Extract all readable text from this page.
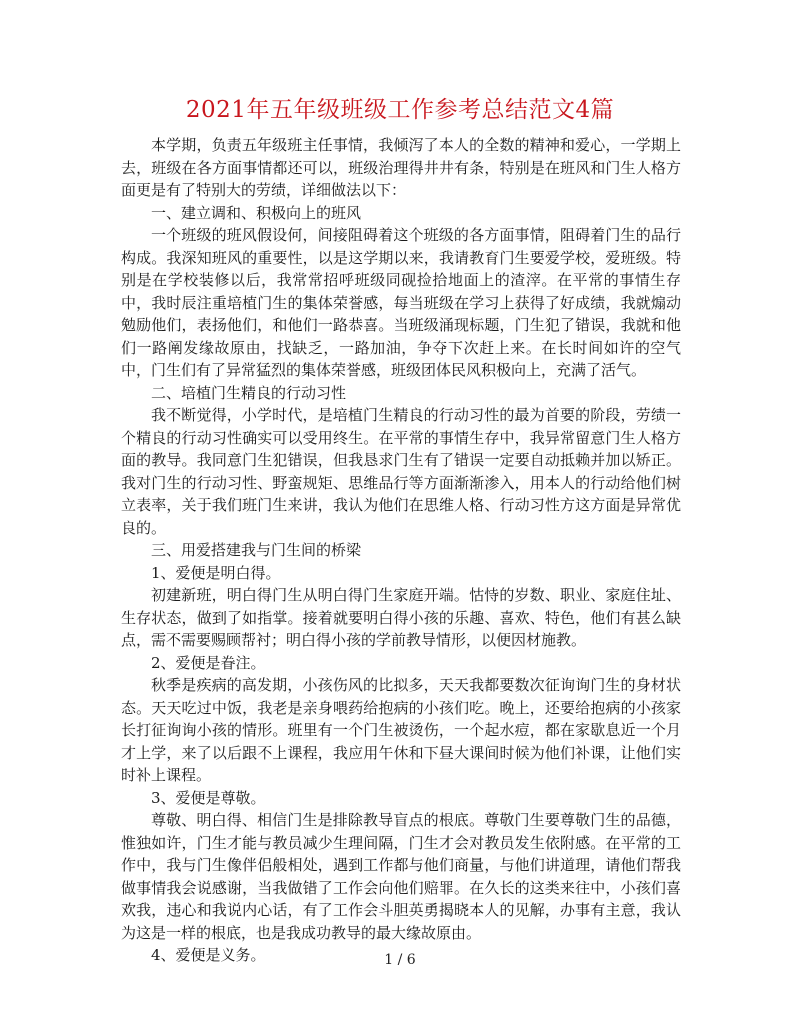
2021年五年级班级工作参考总结范文4篇

本学期，负责五年级班主任事情，我倾泻了本人的全数的精神和爱心，一学期上去，班级在各方面事情都还可以，班级治理得井井有条，特别是在班风和门生人格方面更是有了特别大的劳绩，详细做法以下：

一、建立调和、积极向上的班风

一个班级的班风假设何，间接阻碍着这个班级的各方面事情，阻碍着门生的品行构成。我深知班风的重要性，以是这学期以来，我请教育门生要爱学校，爱班级。特别是在学校装修以后，我常常招呼班级同砚捡拾地面上的渣滓。在平常的事情生存中，我时辰注重培植门生的集体荣誉感，每当班级在学习上获得了好成绩，我就煽动勉励他们，表扬他们，和他们一路恭喜。当班级涌现标题，门生犯了错误，我就和他们一路阐发缘故原由，找缺乏，一路加油，争夺下次赶上来。在长时间如许的空气中，门生们有了异常猛烈的集体荣誉感，班级团体民风积极向上，充满了活气。

二、培植门生精良的行动习性

我不断觉得，小学时代，是培植门生精良的行动习性的最为首要的阶段，劳绩一个精良的行动习性确实可以受用终生。在平常的事情生存中，我异常留意门生人格方面的教导。我同意门生犯错误，但我恳求门生有了错误一定要自动抵赖并加以矫正。我对门生的行动习性、野蛮规矩、思维品行等方面渐渐渗入，用本人的行动给他们树立表率，关于我们班门生来讲，我认为他们在思维人格、行动习性方这方面是异常优良的。

三、用爱搭建我与门生间的桥梁

1、爱便是明白得。

初建新班，明白得门生从明白得门生家庭开端。怙恃的岁数、职业、家庭住址、生存状态，做到了如指掌。接着就要明白得小孩的乐趣、喜欢、特色，他们有甚么缺点，需不需要赐顾帮衬；明白得小孩的学前教导情形，以便因材施教。

2、爱便是眷注。

秋季是疾病的高发期，小孩伤风的比拟多，天天我都要数次征询询门生的身材状态。天天吃过中饭，我老是亲身喂药给抱病的小孩们吃。晚上，还要给抱病的小孩家长打征询询小孩的情形。班里有一个门生被烫伤，一个起水痘，都在家歇息近一个月才上学，来了以后跟不上课程，我应用午休和下昼大课间时候为他们补课，让他们实时补上课程。

3、爱便是尊敬。

尊敬、明白得、相信门生是排除教导盲点的根底。尊敬门生要尊敬门生的品德，惟独如许，门生才能与教员减少生理间隔，门生才会对教员发生依附感。在平常的工作中，我与门生像伴侣般相处，遇到工作都与他们商量，与他们讲道理，请他们帮我做事情我会说感谢，当我做错了工作会向他们赔罪。在久长的这类来往中，小孩们喜欢我，违心和我说内心话，有了工作会斗胆英勇揭晓本人的见解，办事有主意，我认为这是一样的根底，也是我成功教导的最大缘故原由。

4、爱便是义务。	1 / 6
